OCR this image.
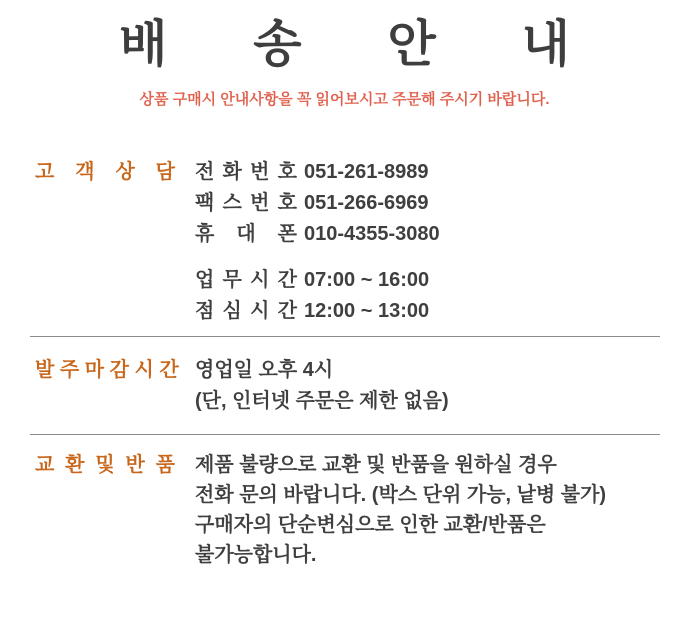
배 송 안 내
상품 구매시 안내사항을 꼭 읽어보시고 주문해 주시기 바랍니다.
고 객 상 담 전 화 번 호 051-261-8989
팩 스 번 호 051-266-6969
휴 대 폰 010-4355-3080
업 무 시 간 07:00 ~ 16:00
점 심 시 간 12:00 ~ 13:00
발 주 마 감 시 간 영업일 오후 4시
(단, 인터넷 주문은 제한 없음)
교 환 및 반 품 제품 불량으로 교환 및 반품을 원하실 경우
전화 문의 바랍니다. (박스 단위 가능, 낱병 불가)
구매자의 단순변심으로 인한 교환/반품은
불가능합니다.
